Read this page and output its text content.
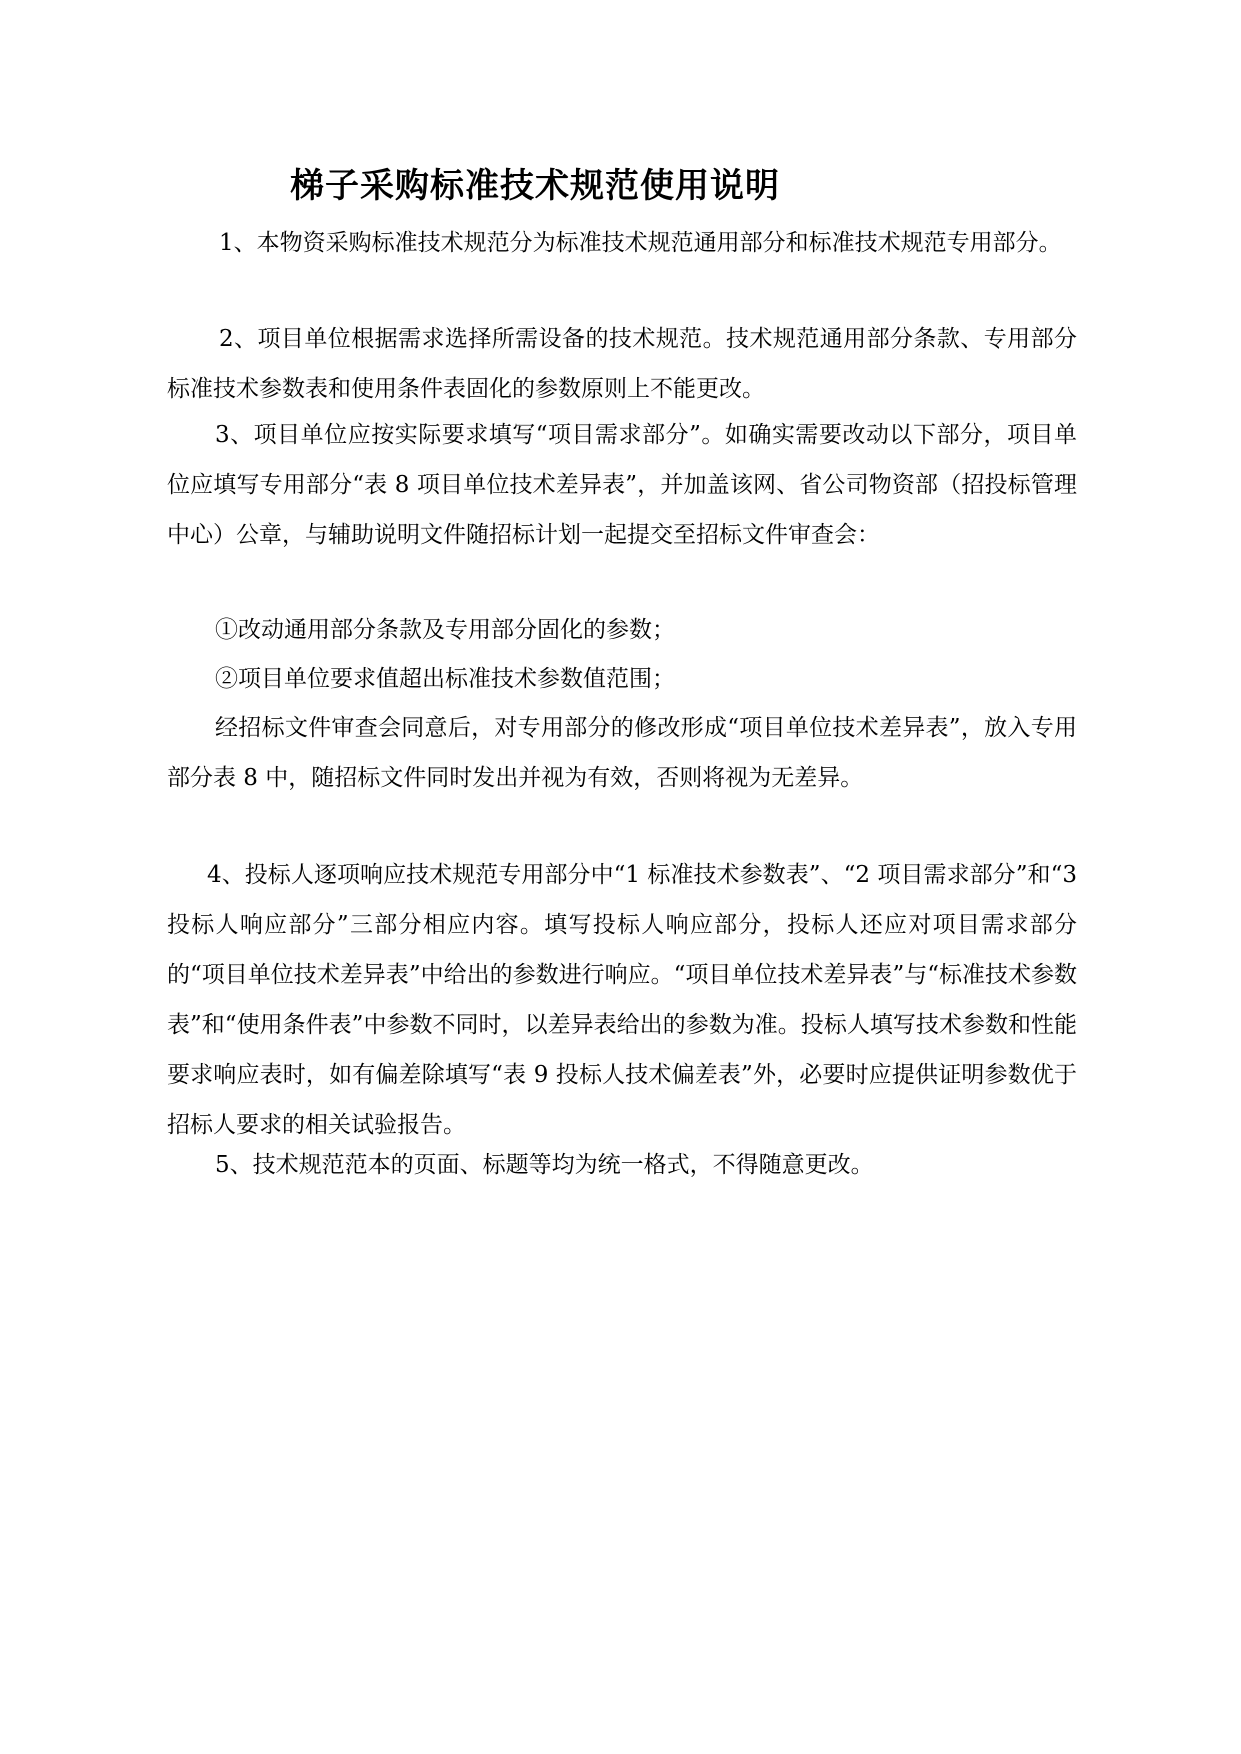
梯子采购标准技术规范使用说明
1、本物资采购标准技术规范分为标准技术规范通用部分和标准技术规范专用部分。
2、项目单位根据需求选择所需设备的技术规范。技术规范通用部分条款、专用部分标准技术参数表和使用条件表固化的参数原则上不能更改。
3、项目单位应按实际要求填写“项目需求部分”。如确实需要改动以下部分，项目单位应填写专用部分“表 8 项目单位技术差异表”，并加盖该网、省公司物资部（招投标管理中心）公章，与辅助说明文件随招标计划一起提交至招标文件审查会：
①改动通用部分条款及专用部分固化的参数；
②项目单位要求值超出标准技术参数值范围；
经招标文件审查会同意后，对专用部分的修改形成“项目单位技术差异表”，放入专用部分表 8 中，随招标文件同时发出并视为有效，否则将视为无差异。
4、投标人逐项响应技术规范专用部分中“1 标准技术参数表”、“2 项目需求部分”和“3 投标人响应部分”三部分相应内容。填写投标人响应部分，投标人还应对项目需求部分的“项目单位技术差异表”中给出的参数进行响应。“项目单位技术差异表”与“标准技术参数表”和“使用条件表”中参数不同时，以差异表给出的参数为准。投标人填写技术参数和性能要求响应表时，如有偏差除填写“表 9 投标人技术偏差表”外，必要时应提供证明参数优于招标人要求的相关试验报告。
5、技术规范范本的页面、标题等均为统一格式，不得随意更改。
